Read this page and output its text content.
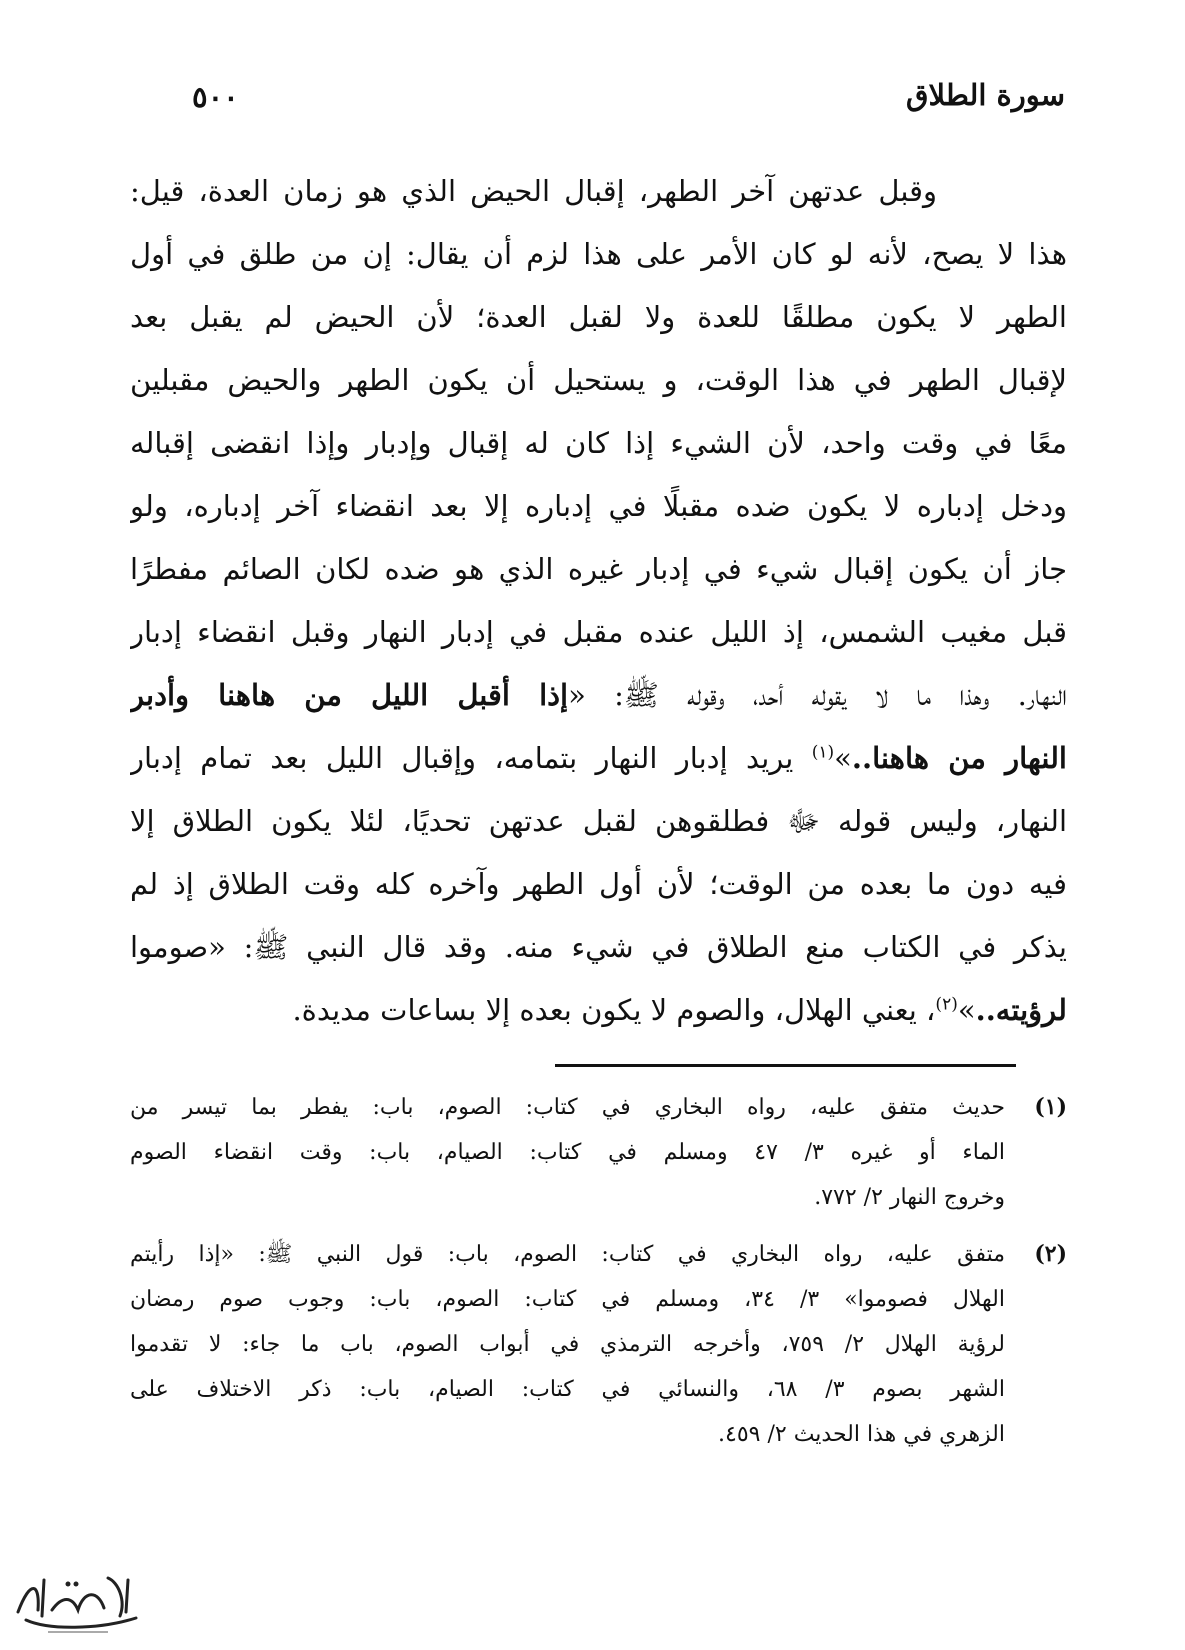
سورة الطلاق
٥٠٠
وقبل عدتهن آخر الطهر، إقبال الحيض الذي هو زمان العدة، قيل:
هذا لا يصح، لأنه لو كان الأمر على هذا لزم أن يقال: إن من طلق في أول
الطهر لا يكون مطلقًا للعدة ولا لقبل العدة؛ لأن الحيض لم يقبل بعد
لإقبال الطهر في هذا الوقت، و يستحيل أن يكون الطهر والحيض مقبلين
معًا في وقت واحد، لأن الشيء إذا كان له إقبال وإدبار وإذا انقضى إقباله
ودخل إدباره لا يكون ضده مقبلًا في إدباره إلا بعد انقضاء آخر إدباره، ولو
جاز أن يكون إقبال شيء في إدبار غيره الذي هو ضده لكان الصائم مفطرًا
قبل مغيب الشمس، إذ الليل عنده مقبل في إدبار النهار وقبل انقضاء إدبار
النهار. وهذا ما لا يقوله أحد، وقوله ﷺ: «إذا أقبل الليل من هاهنا وأدبر
النهار من هاهنا..»$^{(١)}$ يريد إدبار النهار بتمامه، وإقبال الليل بعد تمام إدبار
النهار، وليس قوله ﷻ فطلقوهن لقبل عدتهن تحديًا، لئلا يكون الطلاق إلا
فيه دون ما بعده من الوقت؛ لأن أول الطهر وآخره كله وقت الطلاق إذ لم
يذكر في الكتاب منع الطلاق في شيء منه. وقد قال النبي ﷺ: «صوموا
لرؤيته..»$^{(٢)}$، يعني الهلال، والصوم لا يكون بعده إلا بساعات مديدة.
(١)
حديث متفق عليه، رواه البخاري في كتاب: الصوم، باب: يفطر بما تيسر من
الماء أو غيره ٣/ ٤٧ ومسلم في كتاب: الصيام، باب: وقت انقضاء الصوم
وخروج النهار ٢/ ٧٧٢.
(٢)
متفق عليه، رواه البخاري في كتاب: الصوم، باب: قول النبي ﷺ: «إذا رأيتم
الهلال فصوموا» ٣/ ٣٤، ومسلم في كتاب: الصوم، باب: وجوب صوم رمضان
لرؤية الهلال ٢/ ٧٥٩، وأخرجه الترمذي في أبواب الصوم، باب ما جاء: لا تقدموا
الشهر بصوم ٣/ ٦٨، والنسائي في كتاب: الصيام، باب: ذكر الاختلاف على
الزهري في هذا الحديث ٢/ ٤٥٩.
